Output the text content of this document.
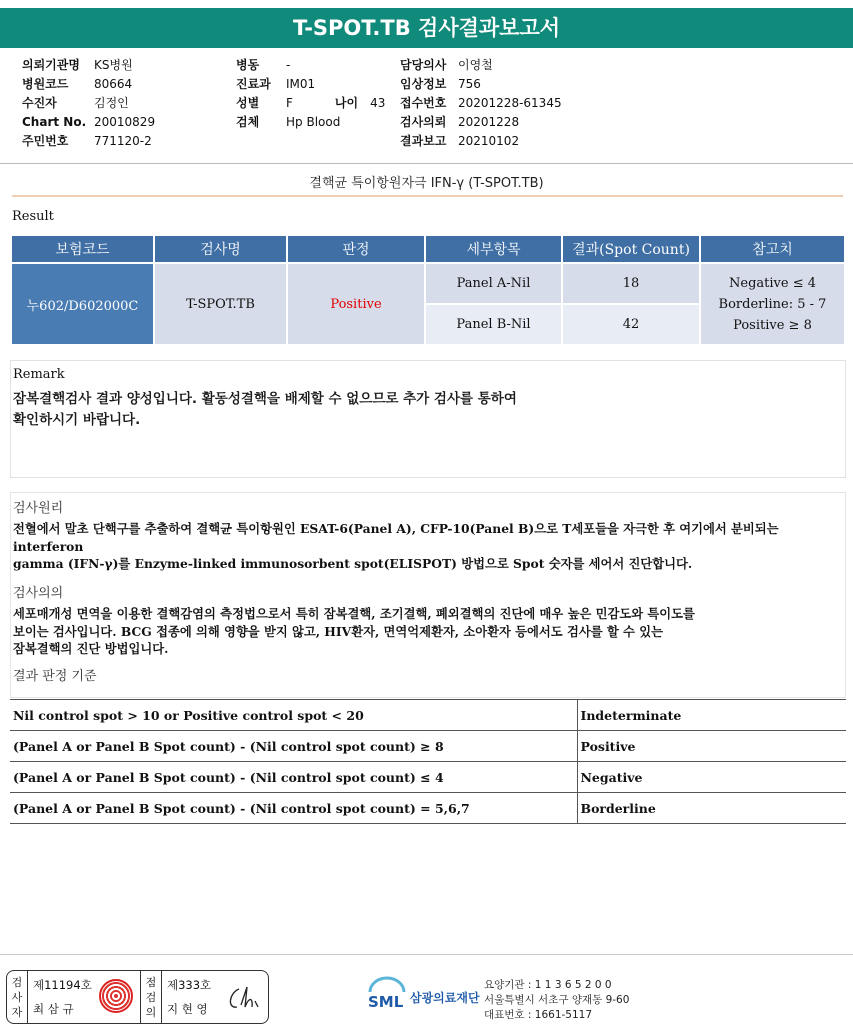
T-SPOT.TB 검사결과보고서
의뢰기관명	KS병원
병원코드	80664
수진자	김정인
Chart No. 20010829
주민번호	771120-2
병동	-
진료과	IM01
성별	F	나이 43
검체	Hp Blood
담당의사 이영철
임상정보 756
접수번호 20201228-61345
검사의뢰 20201228
결과보고 20210102
결핵균 특이항원자극 IFN-γ (T-SPOT.TB)
Result
보험코드	검사명	판정	세부항목	결과(Spot Count)	참고치
누602/D602000C	T-SPOT.TB	Positive	Panel A-Nil	18	Negative ≤ 4
Borderline: 5 - 7
Positive ≥ 8

			Panel B-Nil	42	
Remark
잠복결핵검사 결과 양성입니다. 활동성결핵을 배제할 수 없으므로 추가 검사를 통하여
확인하시기 바랍니다.
검사원리
전혈에서 말초 단핵구를 추출하여 결핵균 특이항원인 ESAT-6(Panel A), CFP-10(Panel B)으로 T세포들을 자극한 후 여기에서 분비되는
interferon
gamma (IFN-γ)를 Enzyme-linked immunosorbent spot(ELISPOT) 방법으로 Spot 숫자를 세어서 진단합니다.
검사의의
세포매개성 면역을 이용한 결핵감염의 측정법으로서 특히 잠복결핵, 조기결핵, 폐외결핵의 진단에 매우 높은 민감도와 특이도를
보이는 검사입니다. BCG 접종에 의해 영향을 받지 않고, HIV환자, 면역억제환자, 소아환자 등에서도 검사를 할 수 있는
잠복결핵의 진단 방법입니다.
결과 판정 기준
Nil control spot > 10 or Positive control spot < 20	Indeterminate
(Panel A or Panel B Spot count) - (Nil control spot count) ≥ 8	Positive
(Panel A or Panel B Spot count) - (Nil control spot count) ≤ 4	Negative
(Panel A or Panel B Spot count) - (Nil control spot count) = 5,6,7	Borderline
검사자
제11194호
최 삼 규
점검의
제333호
지 현 영	SML 삼광의료재단
요양기관 : 1 1 3 6 5 2 0 0
서울특별시 서초구 양재동 9-60
대표번호 : 1661-5117
